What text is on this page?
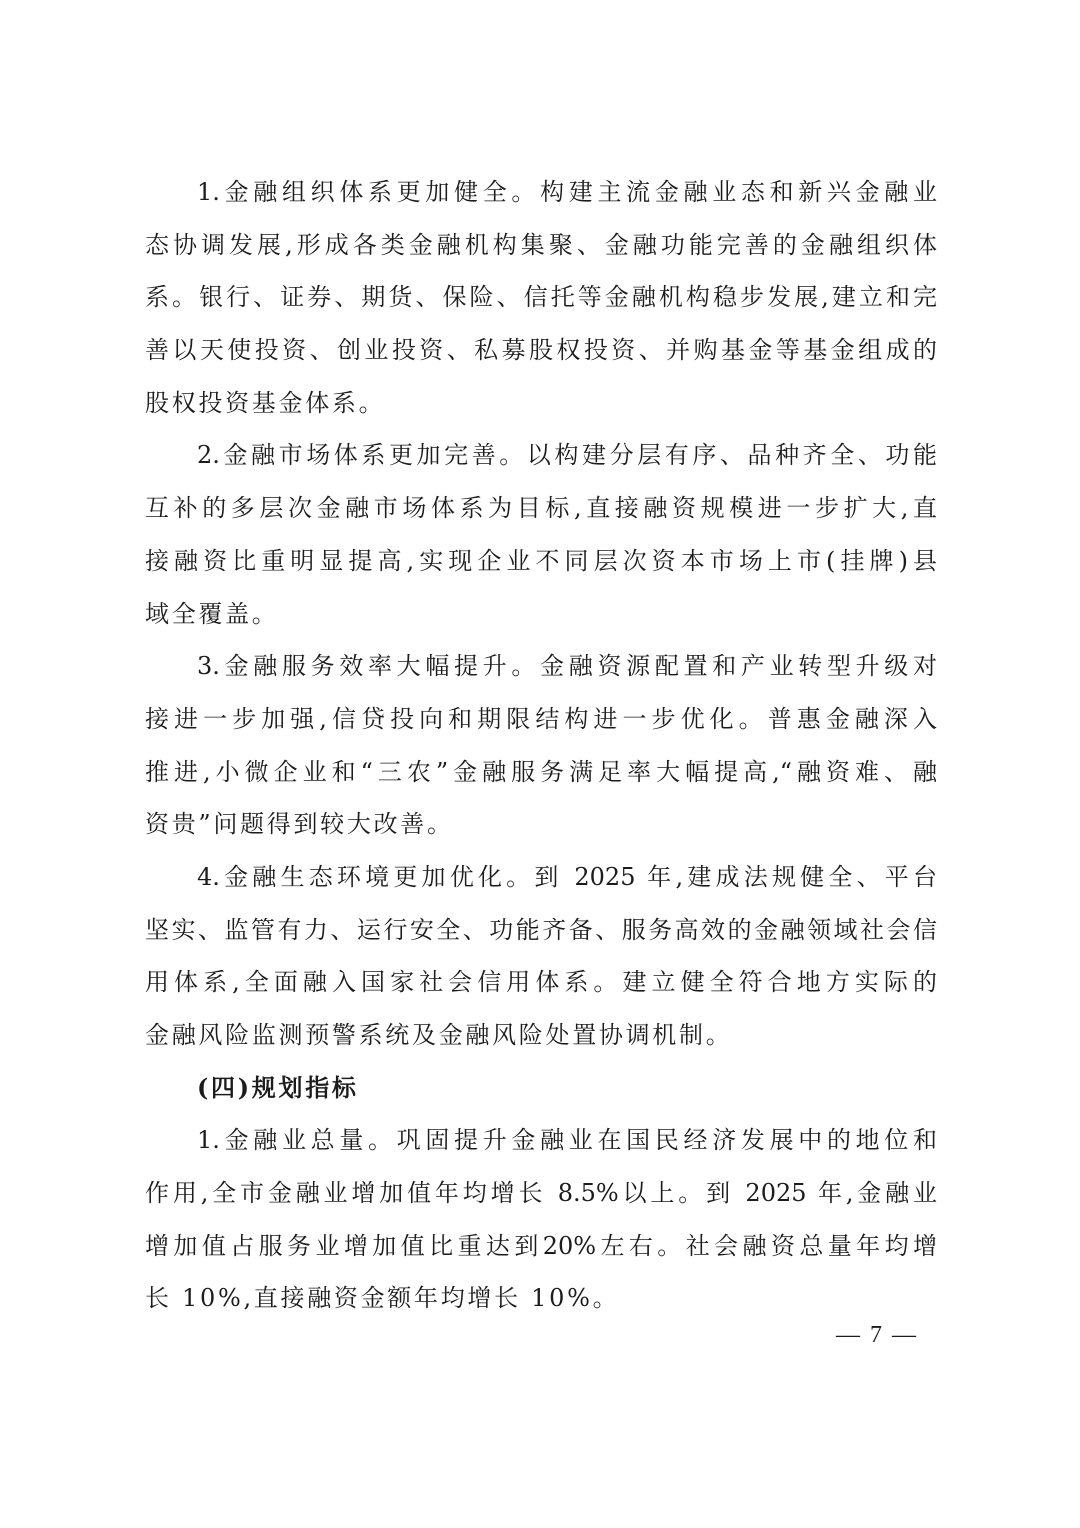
1.金融组织体系更加健全。构建主流金融业态和新兴金融业
态协调发展,形成各类金融机构集聚、金融功能完善的金融组织体
系。银行、证券、期货、保险、信托等金融机构稳步发展,建立和完
善以天使投资、创业投资、私募股权投资、并购基金等基金组成的
股权投资基金体系。
2.金融市场体系更加完善。以构建分层有序、品种齐全、功能
互补的多层次金融市场体系为目标,直接融资规模进一步扩大,直
接融资比重明显提高,实现企业不同层次资本市场上市(挂牌)县
域全覆盖。
3.金融服务效率大幅提升。金融资源配置和产业转型升级对
接进一步加强,信贷投向和期限结构进一步优化。普惠金融深入
推进,小微企业和“三农”金融服务满足率大幅提高,“融资难、融
资贵”问题得到较大改善。
4.金融生态环境更加优化。到 2025 年,建成法规健全、平台
坚实、监管有力、运行安全、功能齐备、服务高效的金融领域社会信
用体系,全面融入国家社会信用体系。建立健全符合地方实际的
金融风险监测预警系统及金融风险处置协调机制。
(四)规划指标
1.金融业总量。巩固提升金融业在国民经济发展中的地位和
作用,全市金融业增加值年均增长 8.5%以上。到 2025 年,金融业
增加值占服务业增加值比重达到20%左右。社会融资总量年均增
长 10%,直接融资金额年均增长 10%。
— 7 —
